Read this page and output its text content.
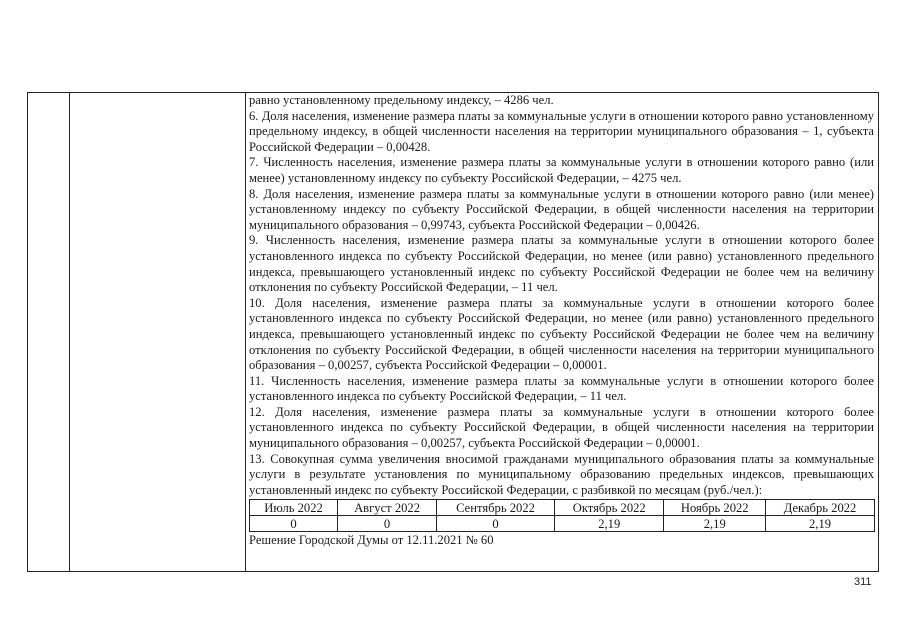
равно установленному предельному индексу, – 4286 чел.

6. Доля населения, изменение размера платы за коммунальные услуги в отношении которого равно установленному предельному индексу, в общей численности населения на территории муниципального образования – 1, субъекта Российской Федерации – 0,00428.

7. Численность населения, изменение размера платы за коммунальные услуги в отношении которого равно (или менее) установленному индексу по субъекту Российской Федерации, – 4275 чел.

8. Доля населения, изменение размера платы за коммунальные услуги в отношении которого равно (или менее) установленному индексу по субъекту Российской Федерации, в общей численности населения на территории муниципального образования – 0,99743, субъекта Российской Федерации – 0,00426.

9. Численность населения, изменение размера платы за коммунальные услуги в отношении которого более установленного индекса по субъекту Российской Федерации, но менее (или равно) установленного предельного индекса, превышающего установленный индекс по субъекту Российской Федерации не более чем на величину отклонения по субъекту Российской Федерации, – 11 чел.

10. Доля населения, изменение размера платы за коммунальные услуги в отношении которого более установленного индекса по субъекту Российской Федерации, но менее (или равно) установленного предельного индекса, превышающего установленный индекс по субъекту Российской Федерации не более чем на величину отклонения по субъекту Российской Федерации, в общей численности населения на территории муниципального образования – 0,00257, субъекта Российской Федерации – 0,00001.

11. Численность населения, изменение размера платы за коммунальные услуги в отношении которого более установленного индекса по субъекту Российской Федерации, – 11 чел.

12. Доля населения, изменение размера платы за коммунальные услуги в отношении которого более установленного индекса по субъекту Российской Федерации, в общей численности населения на территории муниципального образования – 0,00257, субъекта Российской Федерации – 0,00001.

13. Совокупная сумма увеличения вносимой гражданами муниципального образования платы за коммунальные услуги в результате установления по муниципальному образованию предельных индексов, превышающих установленный индекс по субъекту Российской Федерации, с разбивкой по месяцам (руб./чел.):

Июль 2022	Август 2022	Сентябрь 2022	Октябрь 2022	Ноябрь 2022	Декабрь 2022
0	0	0	2,19	2,19	2,19

Решение Городской Думы от 12.11.2021 № 60

311
